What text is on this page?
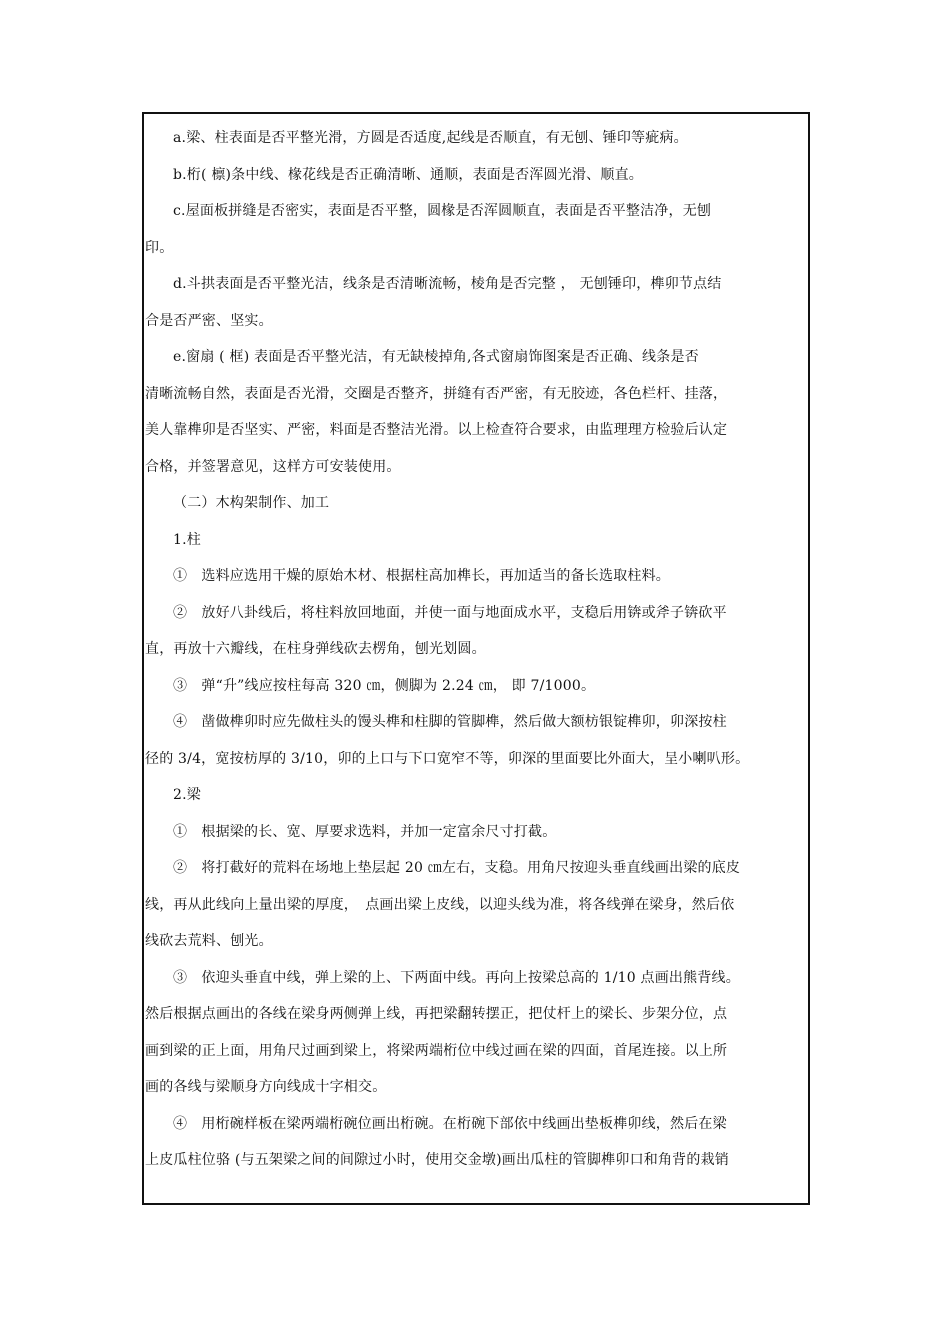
a.梁、柱表面是否平整光滑，方圆是否适度,起线是否顺直，有无刨、锤印等疵病。
b.桁( 檩)条中线、椽花线是否正确清晰、通顺，表面是否浑圆光滑、顺直。
c.屋面板拼缝是否密实，表面是否平整，圆椽是否浑圆顺直，表面是否平整洁净，无刨
印。
d.斗拱表面是否平整光洁，线条是否清晰流畅，棱角是否完整 ， 无刨锤印，榫卯节点结
合是否严密、坚实。
e.窗扇 ( 框) 表面是否平整光洁，有无缺棱掉角,各式窗扇饰图案是否正确、线条是否
清晰流畅自然，表面是否光滑，交圈是否整齐，拼缝有否严密，有无胶迹，各色栏杆、挂落，
美人靠榫卯是否坚实、严密，料面是否整洁光滑。以上检查符合要求，由监理理方检验后认定
合格，并签署意见，这样方可安装使用。
（二）木构架制作、加工
1.柱
①　选料应选用干燥的原始木材、根据柱高加榫长，再加适当的备长选取柱料。
②　放好八卦线后，将柱料放回地面，并使一面与地面成水平，支稳后用锛或斧子锛砍平
直，再放十六瓣线，在柱身弹线砍去楞角，刨光划圆。
③　弹“升”线应按柱每高 320 ㎝，侧脚为 2.24 ㎝， 即 7/1000。
④　凿做榫卯时应先做柱头的馒头榫和柱脚的管脚榫，然后做大额枋银锭榫卯，卯深按柱
径的 3/4，宽按枋厚的 3/10，卯的上口与下口宽窄不等，卯深的里面要比外面大，呈小喇叭形。
2.梁
①　根据梁的长、宽、厚要求选料，并加一定富余尺寸打截。
②　将打截好的荒料在场地上垫层起 20 ㎝左右，支稳。用角尺按迎头垂直线画出梁的底皮
线，再从此线向上量出梁的厚度，　点画出梁上皮线，以迎头线为准，将各线弹在梁身，然后依
线砍去荒料、刨光。
③　依迎头垂直中线，弹上梁的上、下两面中线。再向上按梁总高的 1/10 点画出熊背线。
然后根据点画出的各线在梁身两侧弹上线，再把梁翻转摆正，把仗杆上的梁长、步架分位，点
画到梁的正上面，用角尺过画到梁上，将梁两端桁位中线过画在梁的四面，首尾连接。以上所
画的各线与梁顺身方向线成十字相交。
④　用桁碗样板在梁两端桁碗位画出桁碗。在桁碗下部依中线画出垫板榫卯线，然后在梁
上皮瓜柱位骆 (与五架梁之间的间隙过小时，使用交金墩)画出瓜柱的管脚榫卯口和角背的栽销
